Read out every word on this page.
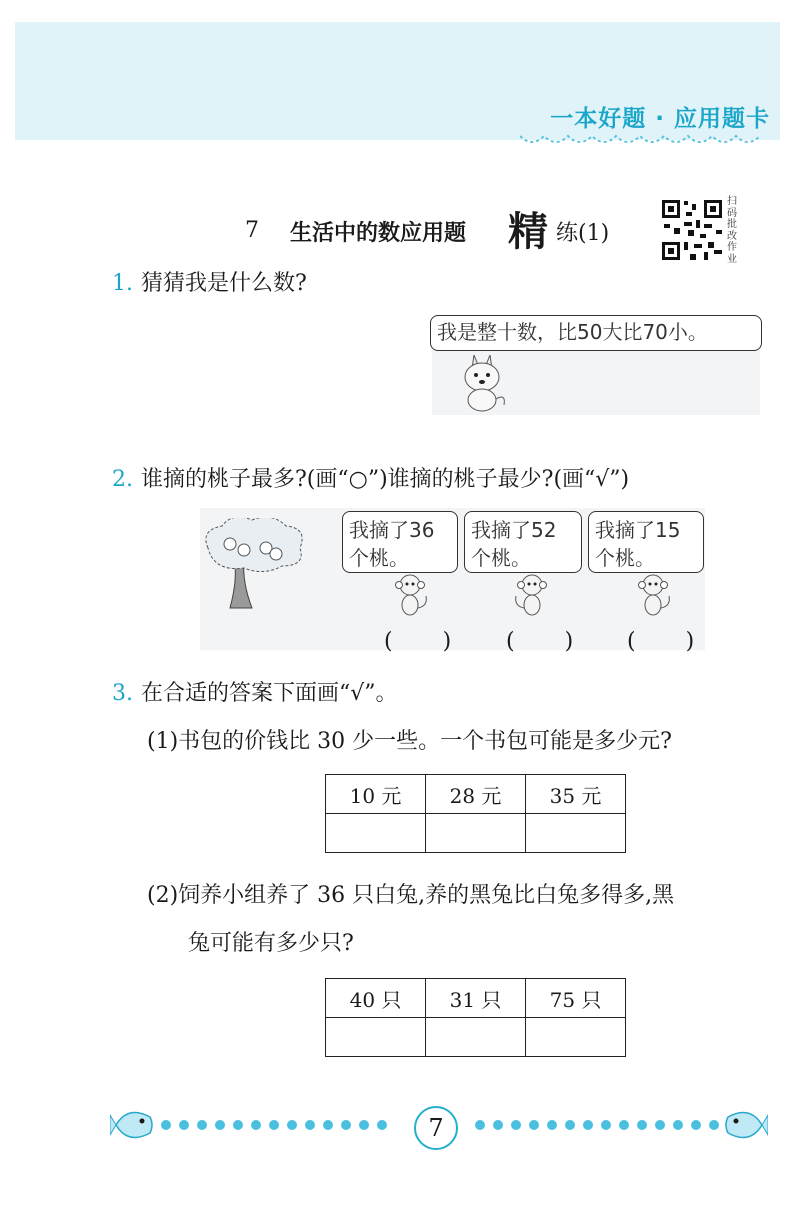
一本好题 · 应用题卡
7 生活中的数应用题 精 练(1)
扫码批改作业
1. 猜猜我是什么数?
我是整十数，比50大比70小。
2. 谁摘的桃子最多?(画“○”)谁摘的桃子最少?(画“√”)
我摘了36
个桃。
我摘了52
个桃。
我摘了15
个桃。
(　) (　) (　)
3. 在合适的答案下面画“√”。
(1)书包的价钱比 30 少一些。一个书包可能是多少元?
10 元	28 元	35 元

(2)饲养小组养了 36 只白兔,养的黑兔比白兔多得多,黑
兔可能有多少只?
40 只	31 只	75 只

7
